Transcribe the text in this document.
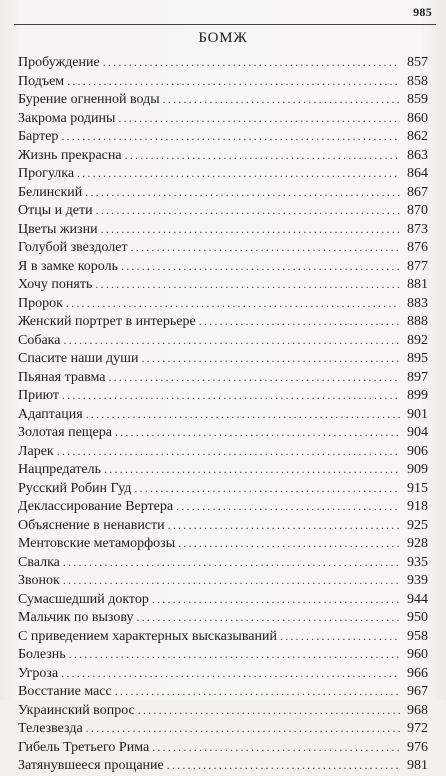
985
БОМЖ
Пробуждение .....	857
Подъем .....	858
Бурение огненной воды .....	859
Закрома родины .....	860
Бартер .....	862
Жизнь прекрасна .....	863
Прогулка .....	864
Белинский .....	867
Отцы и дети .....	870
Цветы жизни .....	873
Голубой звездолет .....	876
Я в замке король .....	877
Хочу понять .....	881
Пророк .....	883
Женский портрет в интерьере .....	888
Собака .....	892
Спасите наши души .....	895
Пьяная травма .....	897
Приют .....	899
Адаптация .....	901
Золотая пещера .....	904
Ларек .....	906
Нацпредатель .....	909
Русский Робин Гуд .....	915
Деклассирование Вертера .....	918
Объяснение в ненависти .....	925
Ментовские метаморфозы .....	928
Свалка .....	935
Звонок .....	939
Сумасшедший доктор .....	944
Мальчик по вызову .....	950
С приведением характерных высказываний .....	958
Болезнь .....	960
Угроза .....	966
Восстание масс .....	967
Украинский вопрос .....	968
Телезвезда .....	972
Гибель Третьего Рима .....	976
Затянувшееся прощание .....	981
